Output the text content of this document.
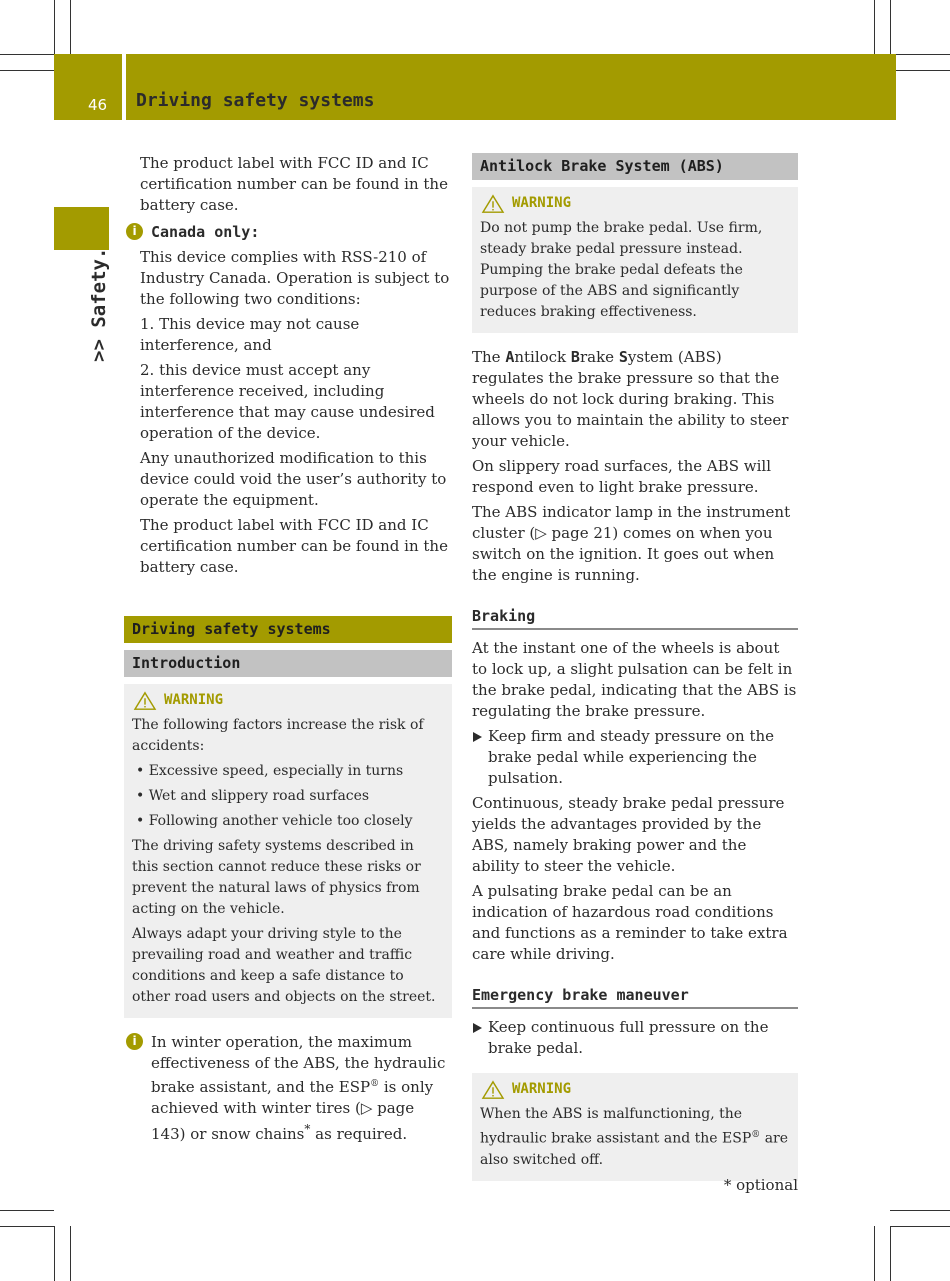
46 Driving safety systems
>> Safety.

The product label with FCC ID and IC certification number can be found in the battery case.

i Canada only:

This device complies with RSS-210 of Industry Canada. Operation is subject to the following two conditions:

1. This device may not cause interference, and

2. this device must accept any interference received, including interference that may cause undesired operation of the device.

Any unauthorized modification to this device could void the user’s authority to operate the equipment.

The product label with FCC ID and IC certification number can be found in the battery case.

Driving safety systems
Introduction
WARNING

The following factors increase the risk of accidents:

• Excessive speed, especially in turns

• Wet and slippery road surfaces

• Following another vehicle too closely

The driving safety systems described in this section cannot reduce these risks or prevent the natural laws of physics from acting on the vehicle.

Always adapt your driving style to the prevailing road and weather and traffic conditions and keep a safe distance to other road users and objects on the street.

i In winter operation, the maximum effectiveness of the ABS, the hydraulic brake assistant, and the ESP® is only achieved with winter tires (▷ page 143) or snow chains* as required.
Antilock Brake System (ABS)
WARNING

Do not pump the brake pedal. Use firm, steady brake pedal pressure instead. Pumping the brake pedal defeats the purpose of the ABS and significantly reduces braking effectiveness.

The Antilock Brake System (ABS) regulates the brake pressure so that the wheels do not lock during braking. This allows you to maintain the ability to steer your vehicle.

On slippery road surfaces, the ABS will respond even to light brake pressure.

The ABS indicator lamp in the instrument cluster (▷ page 21) comes on when you switch on the ignition. It goes out when the engine is running.

Braking

At the instant one of the wheels is about to lock up, a slight pulsation can be felt in the brake pedal, indicating that the ABS is regulating the brake pressure.

Keep firm and steady pressure on the brake pedal while experiencing the pulsation.

Continuous, steady brake pedal pressure yields the advantages provided by the ABS, namely braking power and the ability to steer the vehicle.

A pulsating brake pedal can be an indication of hazardous road conditions and functions as a reminder to take extra care while driving.

Emergency brake maneuver
Keep continuous full pressure on the brake pedal.
WARNING

When the ABS is malfunctioning, the hydraulic brake assistant and the ESP® are also switched off.

* optional
